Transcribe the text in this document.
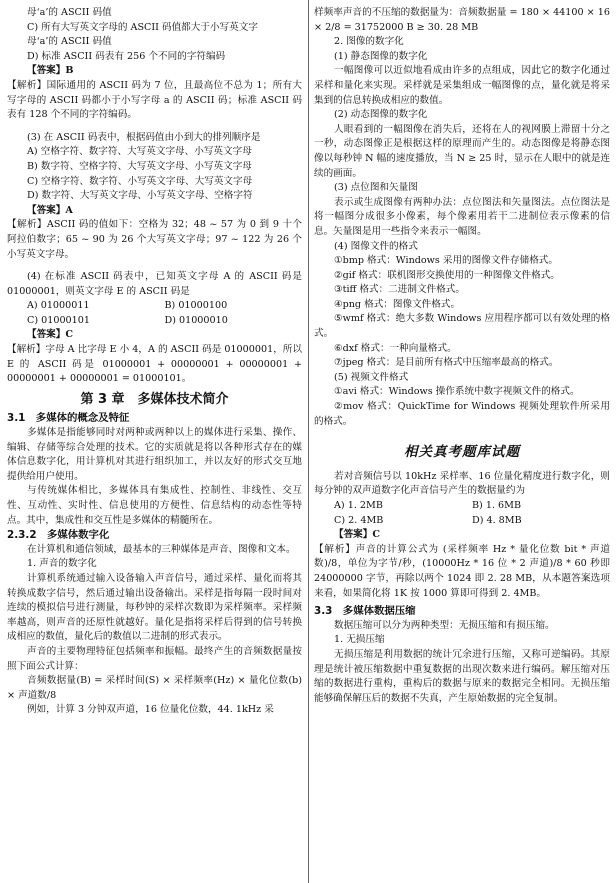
母‘a’的 ASCII 码值

C) 所有大写英文字母的 ASCII 码值都大于小写英文字

母‘a’的 ASCII 码值

D) 标准 ASCII 码表有 256 个不同的字符编码

【答案】B

【解析】国际通用的 ASCII 码为 7 位，且最高位不总为 1；所有大写字母的 ASCII 码都小于小写字母 a 的 ASCII 码；标准 ASCII 码表有 128 个不同的字符编码。

(3) 在 ASCII 码表中，根据码值由小到大的排列顺序是

A) 空格字符、数字符、大写英文字母、小写英文字母

B) 数字符、空格字符、大写英文字母、小写英文字母

C) 空格字符、数字符、小写英文字母、大写英文字母

D) 数字符、大写英文字母、小写英文字母、空格字符

【答案】A

【解析】ASCII 码的值如下：空格为 32；48 ~ 57 为 0 到 9 十个阿拉伯数字；65 ~ 90 为 26 个大写英文字母；97 ~ 122 为 26 个小写英文字母。

(4) 在标准 ASCII 码表中，已知英文字母 A 的 ASCII 码是 01000001，则英文字母 E 的 ASCII 码是

A) 01000011	B) 01000100
C) 01000101	D) 01000010

【答案】C

【解析】字母 A 比字母 E 小 4，A 的 ASCII 码是 01000001，所以 E 的 ASCII 码是 01000001 + 00000001 + 00000001 + 00000001 + 00000001 = 01000101。

第 3 章　多媒体技术简介

3.1　多媒体的概念及特征

多媒体是指能够同时对两种或两种以上的媒体进行采集、操作、编辑、存储等综合处理的技术。它的实质就是将以各种形式存在的媒体信息数字化，用计算机对其进行组织加工，并以友好的形式交互地提供给用户使用。

与传统媒体相比，多媒体具有集成性、控制性、非线性、交互性、互动性、实时性、信息使用的方便性、信息结构的动态性等特点。其中，集成性和交互性是多媒体的精髓所在。

2.3.2　多媒体数字化

在计算机和通信领域，最基本的三种媒体是声音、图像和文本。

1. 声音的数字化

计算机系统通过输入设备输入声音信号，通过采样、量化而将其转换成数字信号，然后通过输出设备输出。采样是指每隔一段时间对连续的模拟信号进行测量，每秒钟的采样次数即为采样频率。采样频率越高，则声音的还原性就越好。量化是指将采样后得到的信号转换成相应的数值，量化后的数值以二进制的形式表示。

声音的主要物理特征包括频率和振幅。最终产生的音频数据量按照下面公式计算：

音频数据量(B) = 采样时间(S) × 采样频率(Hz) × 量化位数(b) × 声道数/8

例如，计算 3 分钟双声道，16 位量化位数，44. 1kHz 采

样频率声音的不压缩的数据量为：音频数据量 = 180 × 44100 × 16 × 2/8 = 31752000 B ≥ 30. 28 MB

2. 图像的数字化

(1) 静态图像的数字化

一幅图像可以近似地看成由许多的点组成，因此它的数字化通过采样和量化来实现。采样就是采集组成一幅图像的点，量化就是将采集到的信息转换成相应的数值。

(2) 动态图像的数字化

人眼看到的一幅图像在消失后，还将在人的视网膜上滞留十分之一秒，动态图像正是根据这样的原理而产生的。动态图像是将静态图像以每秒钟 N 幅的速度播放，当 N ≥ 25 时，显示在人眼中的就是连续的画面。

(3) 点位图和矢量图

表示或生成图像有两种办法：点位图法和矢量图法。点位图法是将一幅图分成很多小像素，每个像素用若干二进制位表示像素的信息。矢量图是用一些指令来表示一幅图。

(4) 图像文件的格式

①bmp 格式：Windows 采用的图像文件存储格式。

②gif 格式：联机图形交换使用的一种图像文件格式。

③tiff 格式：二进制文件格式。

④png 格式：图像文件格式。

⑤wmf 格式：绝大多数 Windows 应用程序都可以有效处理的格式。

⑥dxf 格式：一种向量格式。

⑦jpeg 格式：是目前所有格式中压缩率最高的格式。

(5) 视频文件格式

①avi 格式：Windows 操作系统中数字视频文件的格式。

②mov 格式：QuickTime for Windows 视频处理软件所采用的格式。

相关真考题库试题

若对音频信号以 10kHz 采样率、16 位量化精度进行数字化，则每分钟的双声道数字化声音信号产生的数据量约为

A) 1. 2MB	B) 1. 6MB
C) 2. 4MB	D) 4. 8MB

【答案】C

【解析】声音的计算公式为 (采样频率 Hz * 量化位数 bit * 声道数)/8，单位为字节/秒，(10000Hz * 16 位 * 2 声道)/8 * 60 秒即 24000000 字节，再除以两个 1024 即 2. 28 MB，从本题答案选项来看，如果简化将 1K 按 1000 算即可得到 2. 4MB。

3.3　多媒体数据压缩

数据压缩可以分为两种类型：无损压缩和有损压缩。

1. 无损压缩

无损压缩是利用数据的统计冗余进行压缩，又称可逆编码。其原理是统计被压缩数据中重复数据的出现次数来进行编码。解压缩对压缩的数据进行重构，重构后的数据与原来的数据完全相同。无损压缩能够确保解压后的数据不失真，产生原始数据的完全复制。
